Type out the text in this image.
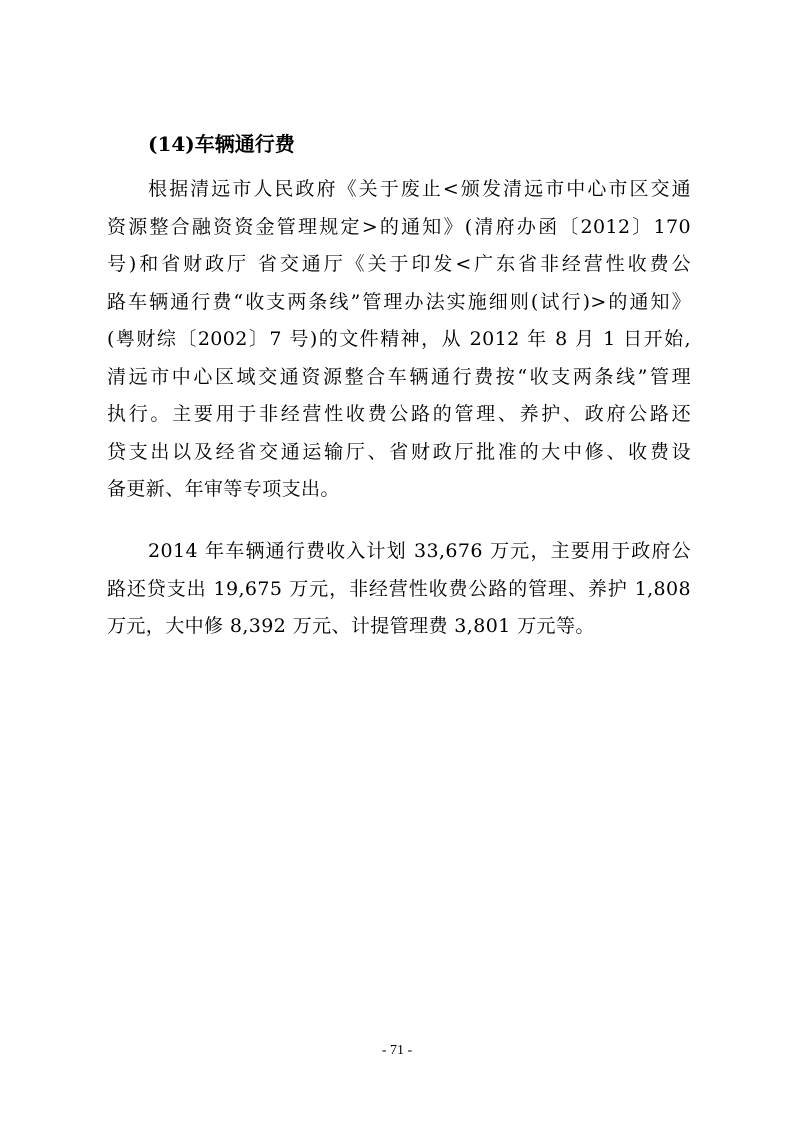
(14)车辆通行费
根据清远市人民政府《关于废止<颁发清远市中心市区交通
资源整合融资资金管理规定>的通知》(清府办函〔2012〕170
号)和省财政厅 省交通厅《关于印发<广东省非经营性收费公
路车辆通行费“收支两条线”管理办法实施细则(试行)>的通知》
(粤财综〔2002〕7 号)的文件精神，从 2012 年 8 月 1 日开始,
清远市中心区域交通资源整合车辆通行费按“收支两条线”管理
执行。主要用于非经营性收费公路的管理、养护、政府公路还
贷支出以及经省交通运输厅、省财政厅批准的大中修、收费设
备更新、年审等专项支出。
2014 年车辆通行费收入计划 33,676 万元，主要用于政府公
路还贷支出 19,675 万元，非经营性收费公路的管理、养护 1,808
万元，大中修 8,392 万元、计提管理费 3,801 万元等。
- 71 -
